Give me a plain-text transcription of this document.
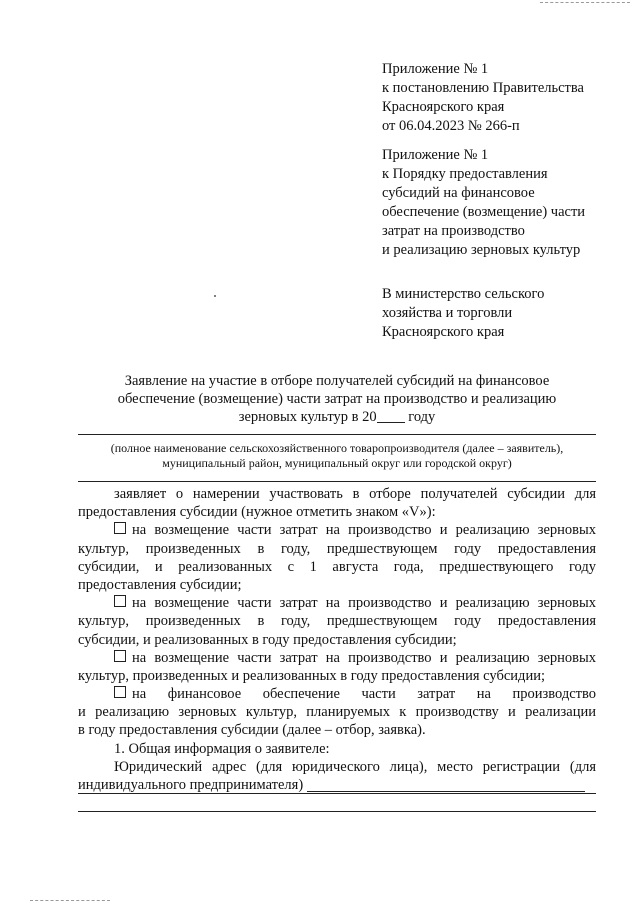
Приложение № 1
к постановлению Правительства
Красноярского края
от 06.04.2023 № 266-п
Приложение № 1
к Порядку предоставления
субсидий на финансовое
обеспечение (возмещение) части
затрат на производство
и реализацию зерновых культур
В министерство сельского
хозяйства и торговли
Красноярского края
Заявление на участие в отборе получателей субсидий на финансовое
обеспечение (возмещение) части затрат на производство и реализацию
зерновых культур в 20 году
(полное наименование сельскохозяйственного товаропроизводителя (далее – заявитель),
муниципальный район, муниципальный округ или городской округ)
заявляет о намерении участвовать в отборе получателей субсидии для
предоставления субсидии (нужное отметить знаком «V»):
на возмещение части затрат на производство и реализацию зерновых
культур, произведенных в году, предшествующем году предоставления
субсидии, и реализованных с 1 августа года, предшествующего году
предоставления субсидии;
на возмещение части затрат на производство и реализацию зерновых
культур, произведенных в году, предшествующем году предоставления
субсидии, и реализованных в году предоставления субсидии;
на возмещение части затрат на производство и реализацию зерновых
культур, произведенных и реализованных в году предоставления субсидии;
на финансовое обеспечение части затрат на производство
и реализацию зерновых культур, планируемых к производству и реализации
в году предоставления субсидии (далее – отбор, заявка).
1. Общая информация о заявителе:
Юридический адрес (для юридического лица), место регистрации (для
индивидуального предпринимателя)
